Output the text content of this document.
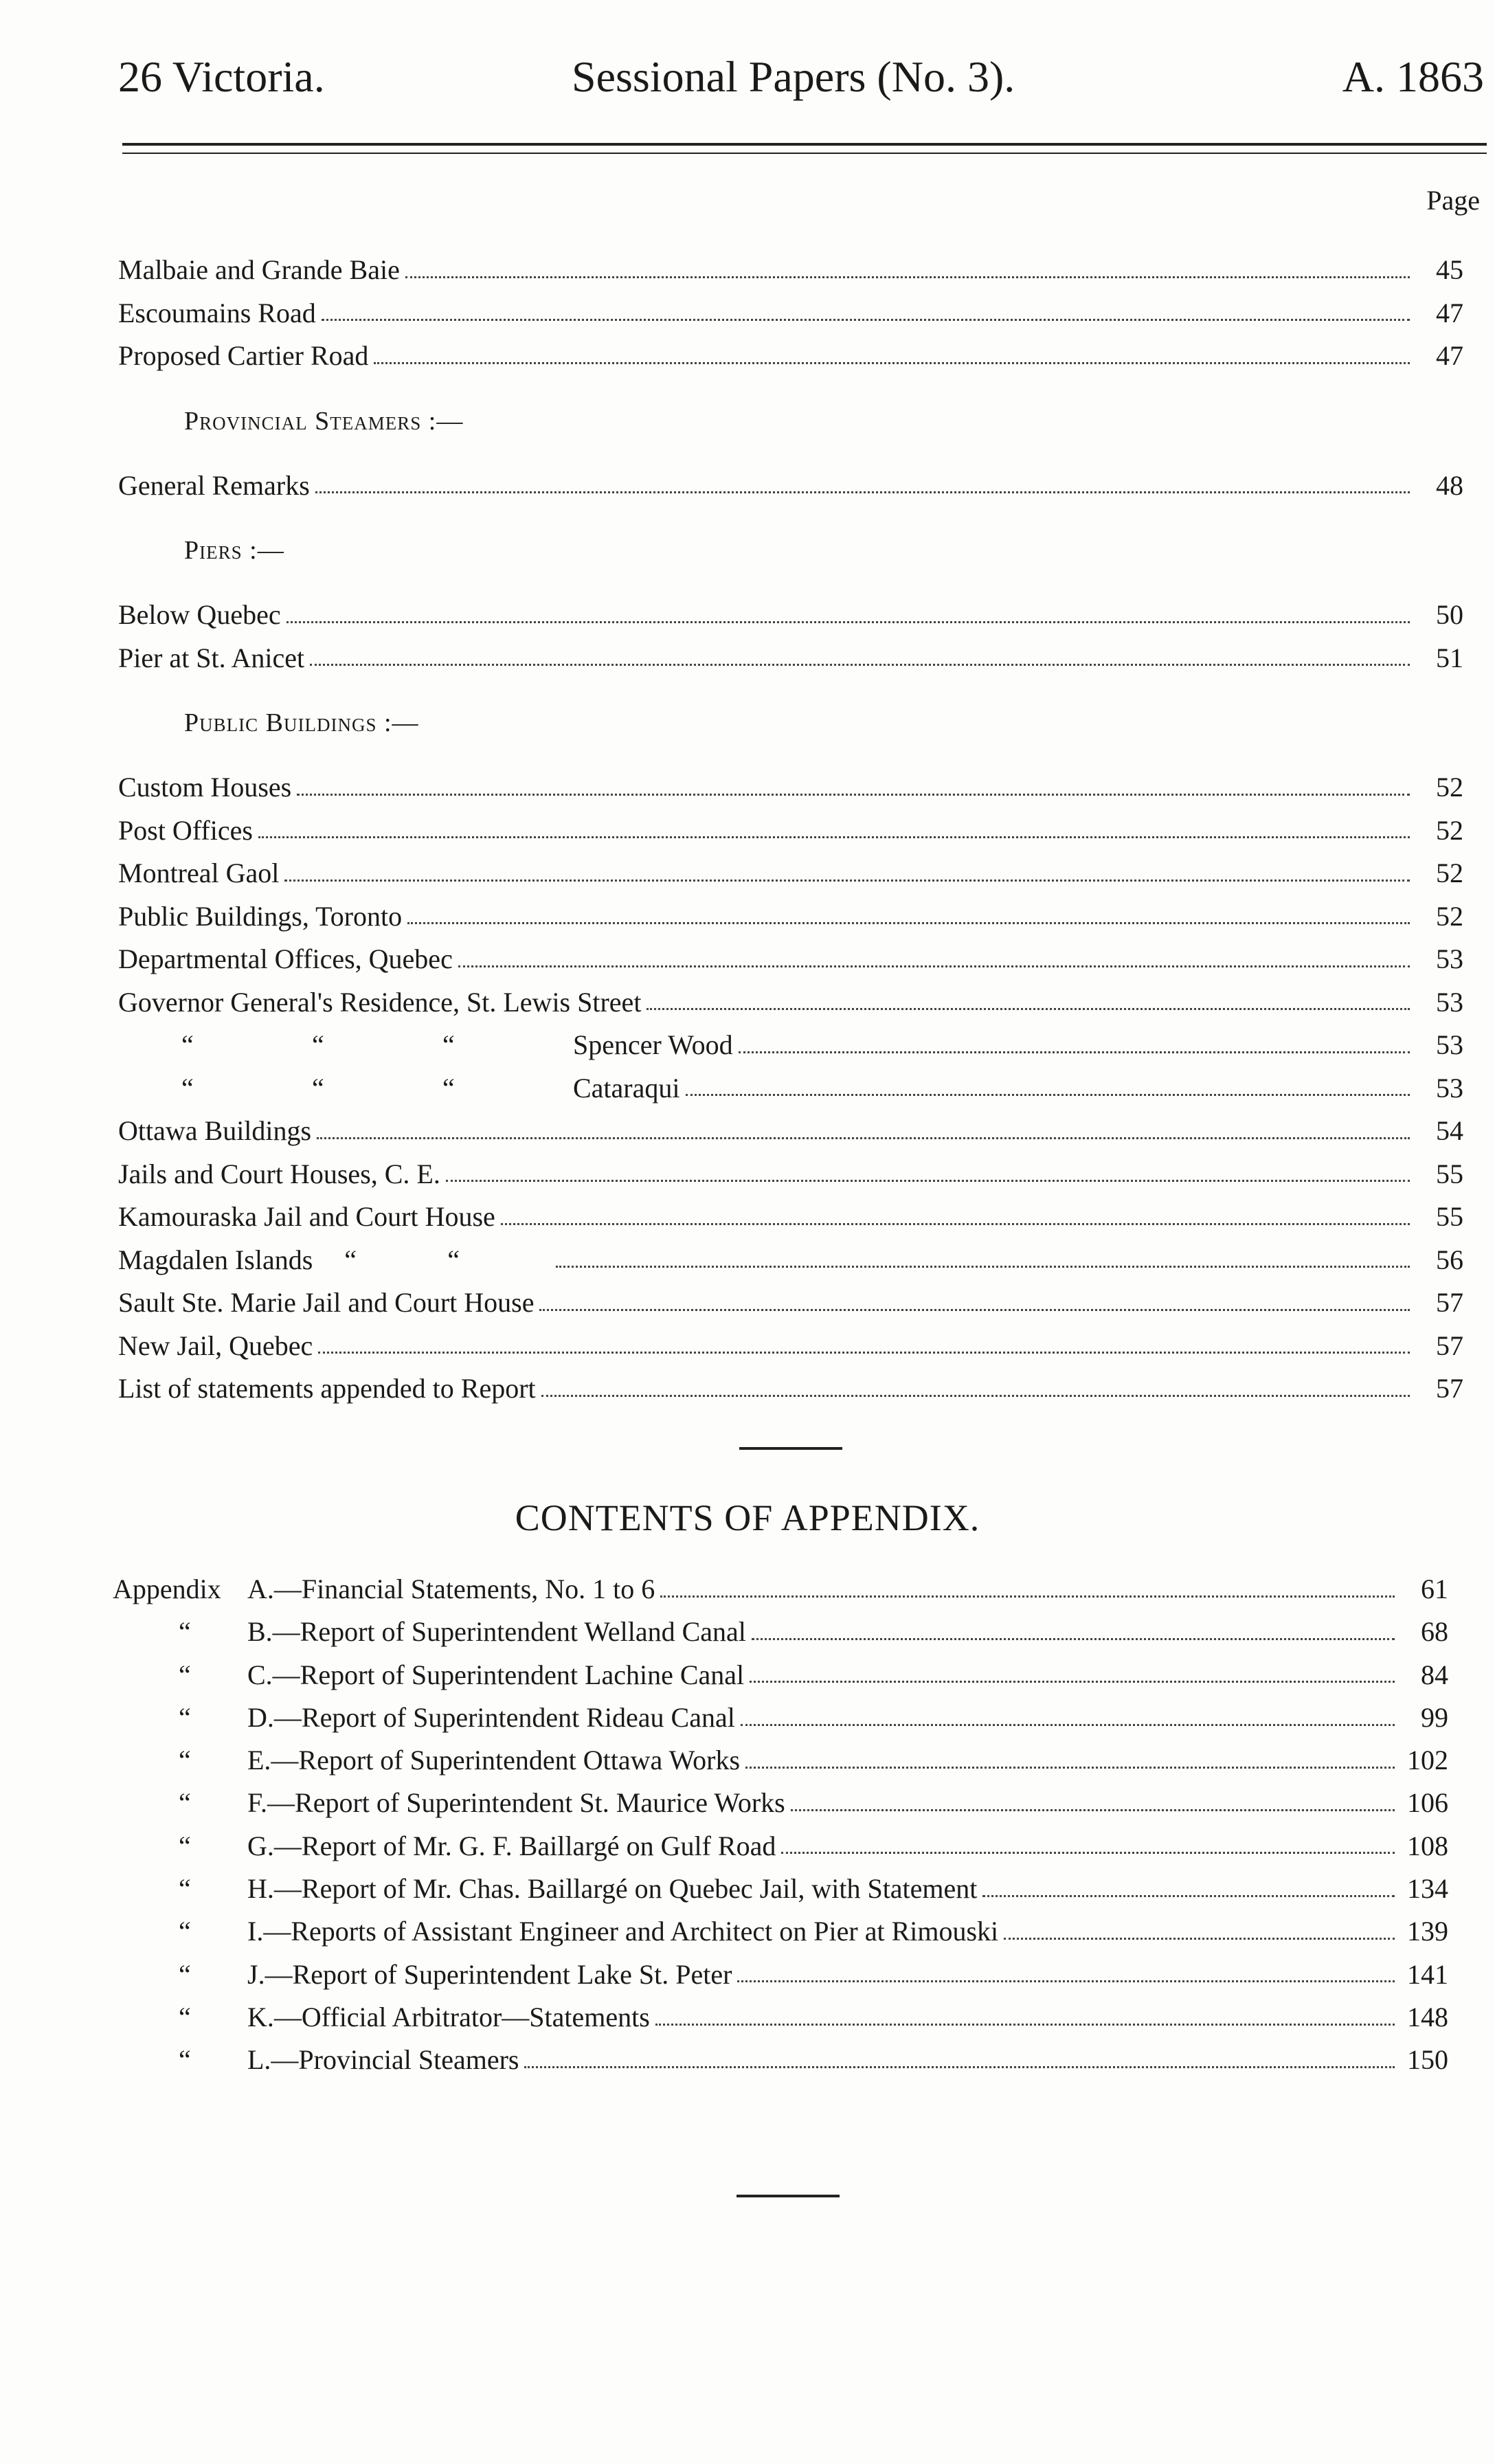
26 Victoria.	Sessional Papers (No. 3).	A. 1863
Page
Malbaie and Grande Baie	45
Escoumains Road	47
Proposed Cartier Road	47
Provincial Steamers :—
General Remarks	48
Piers :—
Below Quebec	50
Pier at St. Anicet	51
Public Buildings :—
Custom Houses	52
Post Offices	52
Montreal Gaol	52
Public Buildings, Toronto	52
Departmental Offices, Quebec	53
Governor General's Residence, St. Lewis Street	53
“	“	“	Spencer Wood	53
“	“	“	Cataraqui	53
Ottawa Buildings	54
Jails and Court Houses, C. E.	55
Kamouraska Jail and Court House	55
Magdalen Islands “	“	56
Sault Ste. Marie Jail and Court House	57
New Jail, Quebec	57
List of statements appended to Report	57
CONTENTS OF APPENDIX.
Appendix A.—Financial Statements, No. 1 to 6	61
“ B.—Report of Superintendent Welland Canal	68
“ C.—Report of Superintendent Lachine Canal	84
“ D.—Report of Superintendent Rideau Canal	99
“ E.—Report of Superintendent Ottawa Works	102
“ F.—Report of Superintendent St. Maurice Works	106
“ G.—Report of Mr. G. F. Baillargé on Gulf Road	108
“ H.—Report of Mr. Chas. Baillargé on Quebec Jail, with Statement	134
“ I.—Reports of Assistant Engineer and Architect on Pier at Rimouski	139
“ J.—Report of Superintendent Lake St. Peter	141
“ K.—Official Arbitrator—Statements	148
“ L.—Provincial Steamers	150
